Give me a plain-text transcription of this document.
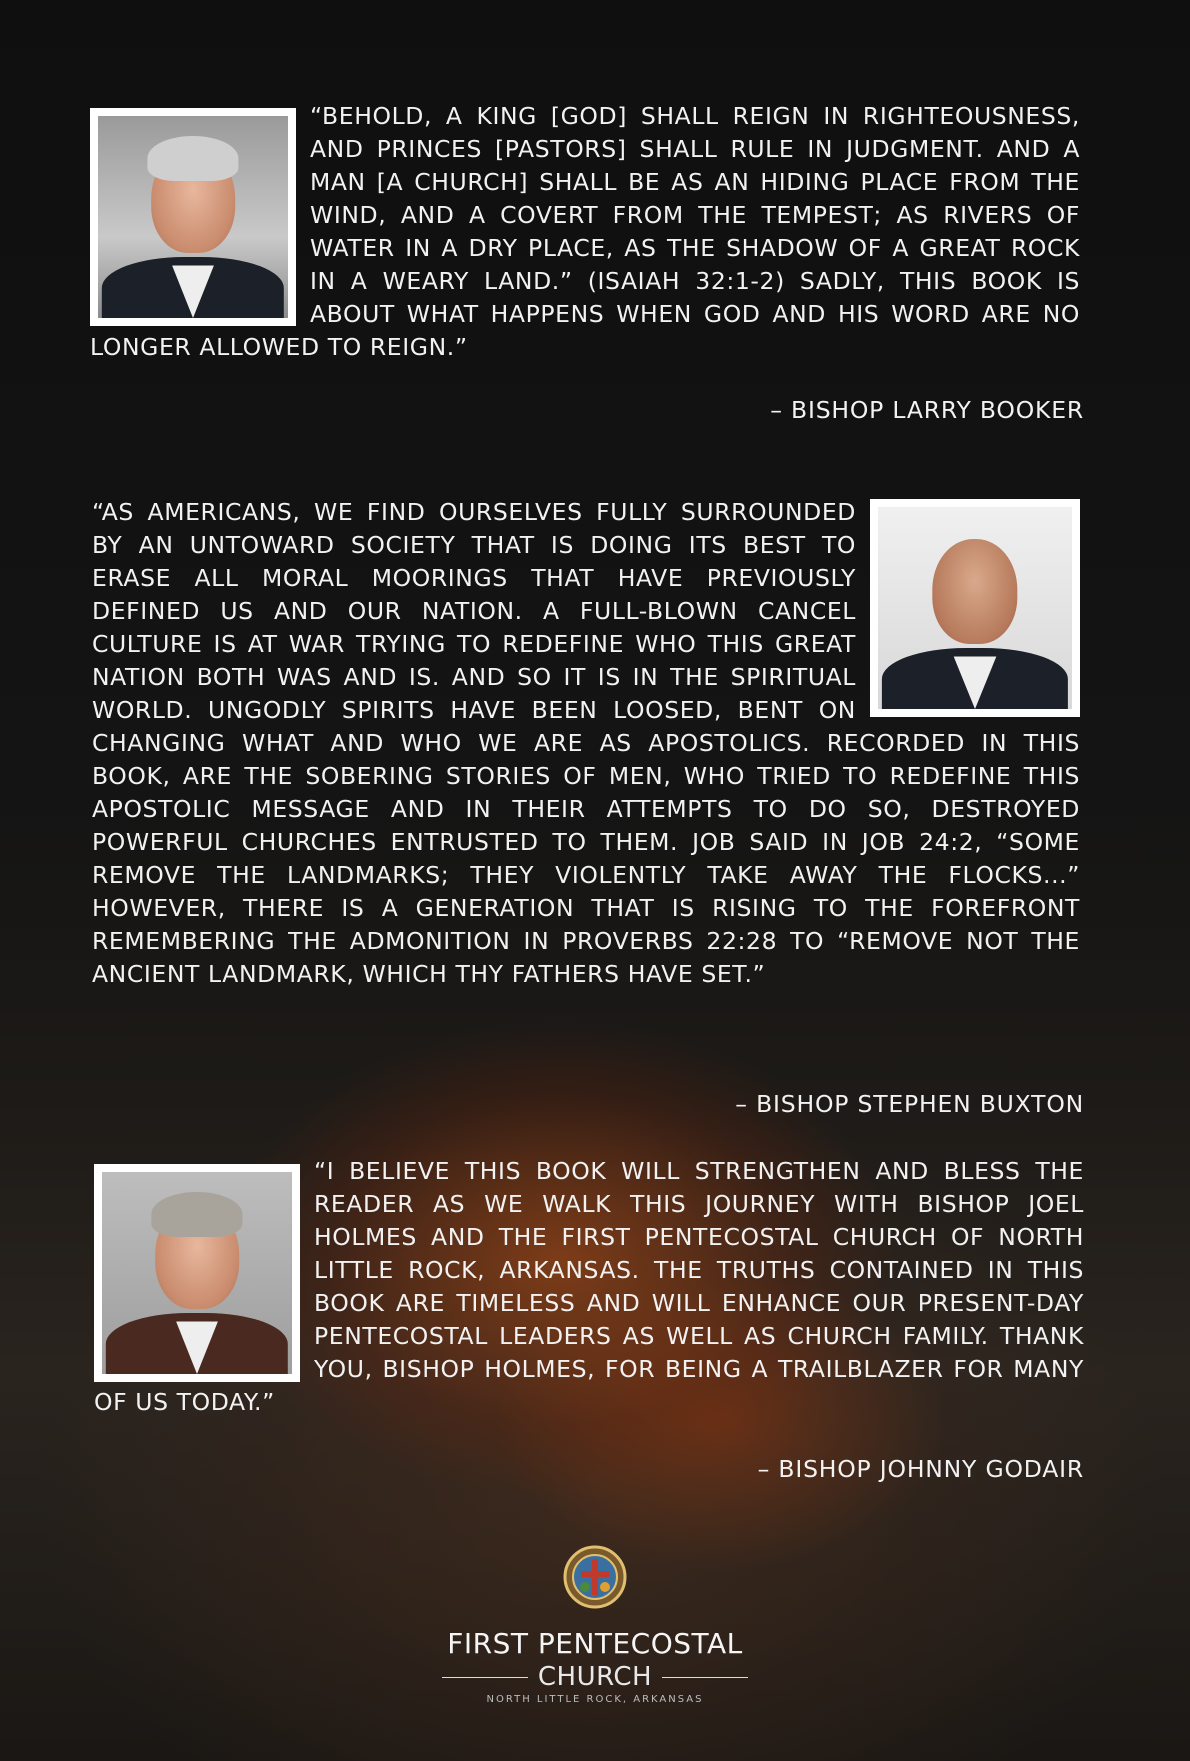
“BEHOLD, A KING [GOD] SHALL REIGN IN RIGHTEOUSNESS, AND PRINCES [PASTORS] SHALL RULE IN JUDGMENT. AND A MAN [A CHURCH] SHALL BE AS AN HIDING PLACE FROM THE WIND, AND A COVERT FROM THE TEMPEST; AS RIVERS OF WATER IN A DRY PLACE, AS THE SHADOW OF A GREAT ROCK IN A WEARY LAND.” (ISAIAH 32:1-2) SADLY, THIS BOOK IS ABOUT WHAT HAPPENS WHEN GOD AND HIS WORD ARE NO LONGER ALLOWED TO REIGN.”
– BISHOP LARRY BOOKER
“AS AMERICANS, WE FIND OURSELVES FULLY SURROUNDED BY AN UNTOWARD SOCIETY THAT IS DOING ITS BEST TO ERASE ALL MORAL MOORINGS THAT HAVE PREVIOUSLY DEFINED US AND OUR NATION. A FULL-BLOWN CANCEL CULTURE IS AT WAR TRYING TO REDEFINE WHO THIS GREAT NATION BOTH WAS AND IS. AND SO IT IS IN THE SPIRITUAL WORLD. UNGODLY SPIRITS HAVE BEEN LOOSED, BENT ON CHANGING WHAT AND WHO WE ARE AS APOSTOLICS. RECORDED IN THIS BOOK, ARE THE SOBERING STORIES OF MEN, WHO TRIED TO REDEFINE THIS APOSTOLIC MESSAGE AND IN THEIR ATTEMPTS TO DO SO, DESTROYED POWERFUL CHURCHES ENTRUSTED TO THEM. JOB SAID IN JOB 24:2, “SOME REMOVE THE LANDMARKS; THEY VIOLENTLY TAKE AWAY THE FLOCKS...” HOWEVER, THERE IS A GENERATION THAT IS RISING TO THE FOREFRONT REMEMBERING THE ADMONITION IN PROVERBS 22:28 TO “REMOVE NOT THE ANCIENT LANDMARK, WHICH THY FATHERS HAVE SET.”
– BISHOP STEPHEN BUXTON
“I BELIEVE THIS BOOK WILL STRENGTHEN AND BLESS THE READER AS WE WALK THIS JOURNEY WITH BISHOP JOEL HOLMES AND THE FIRST PENTECOSTAL CHURCH OF NORTH LITTLE ROCK, ARKANSAS. THE TRUTHS CONTAINED IN THIS BOOK ARE TIMELESS AND WILL ENHANCE OUR PRESENT-DAY PENTECOSTAL LEADERS AS WELL AS CHURCH FAMILY. THANK YOU, BISHOP HOLMES, FOR BEING A TRAILBLAZER FOR MANY OF US TODAY.”
– BISHOP JOHNNY GODAIR
FIRST PENTECOSTAL
CHURCH
NORTH LITTLE ROCK, ARKANSAS
